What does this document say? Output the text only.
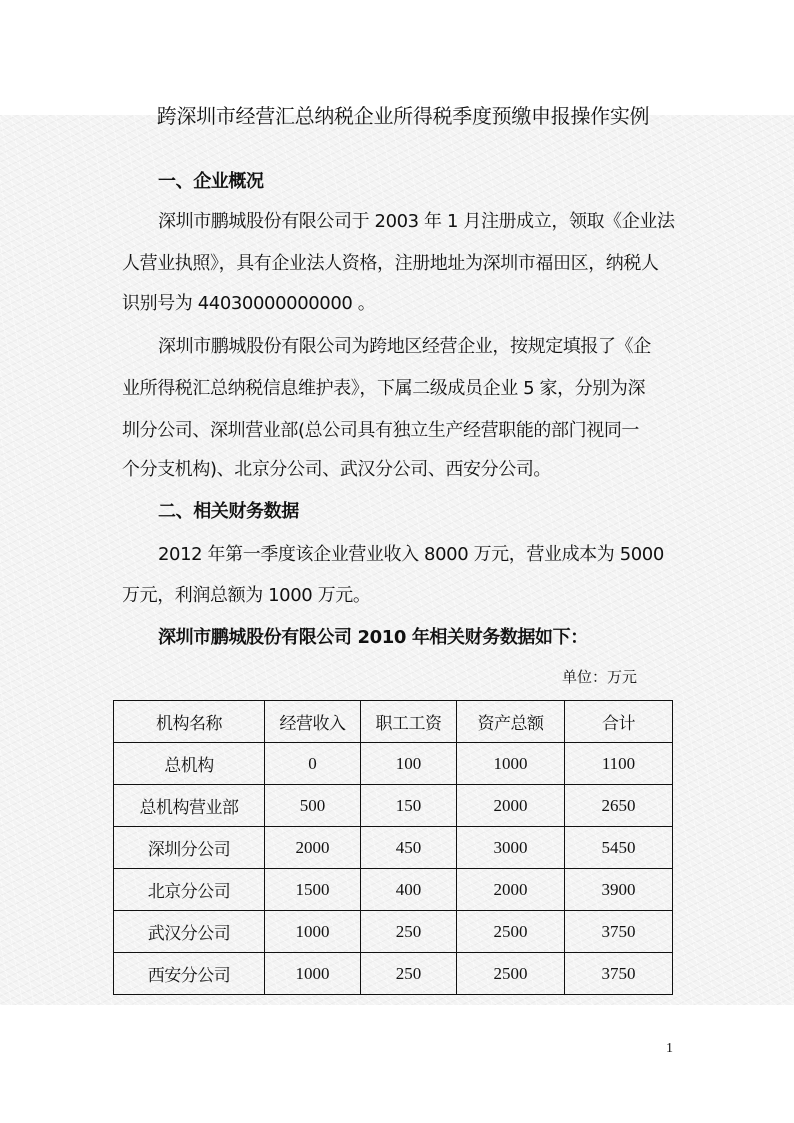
跨深圳市经营汇总纳税企业所得税季度预缴申报操作实例
一、企业概况
深圳市鹏城股份有限公司于 2003 年 1 月注册成立，领取《企业法
人营业执照》，具有企业法人资格，注册地址为深圳市福田区，纳税人
识别号为 44030000000000 。
深圳市鹏城股份有限公司为跨地区经营企业，按规定填报了《企
业所得税汇总纳税信息维护表》，下属二级成员企业 5 家，分别为深
圳分公司、深圳营业部(总公司具有独立生产经营职能的部门视同一
个分支机构)、北京分公司、武汉分公司、西安分公司。
二、相关财务数据
2012 年第一季度该企业营业收入 8000 万元，营业成本为 5000
万元，利润总额为 1000 万元。
深圳市鹏城股份有限公司 2010 年相关财务数据如下：
单位：万元
机构名称	经营收入	职工工资	资产总额	合计
总机构	0	100	1000	1100
总机构营业部	500	150	2000	2650
深圳分公司	2000	450	3000	5450
北京分公司	1500	400	2000	3900
武汉分公司	1000	250	2500	3750
西安分公司	1000	250	2500	3750
1
